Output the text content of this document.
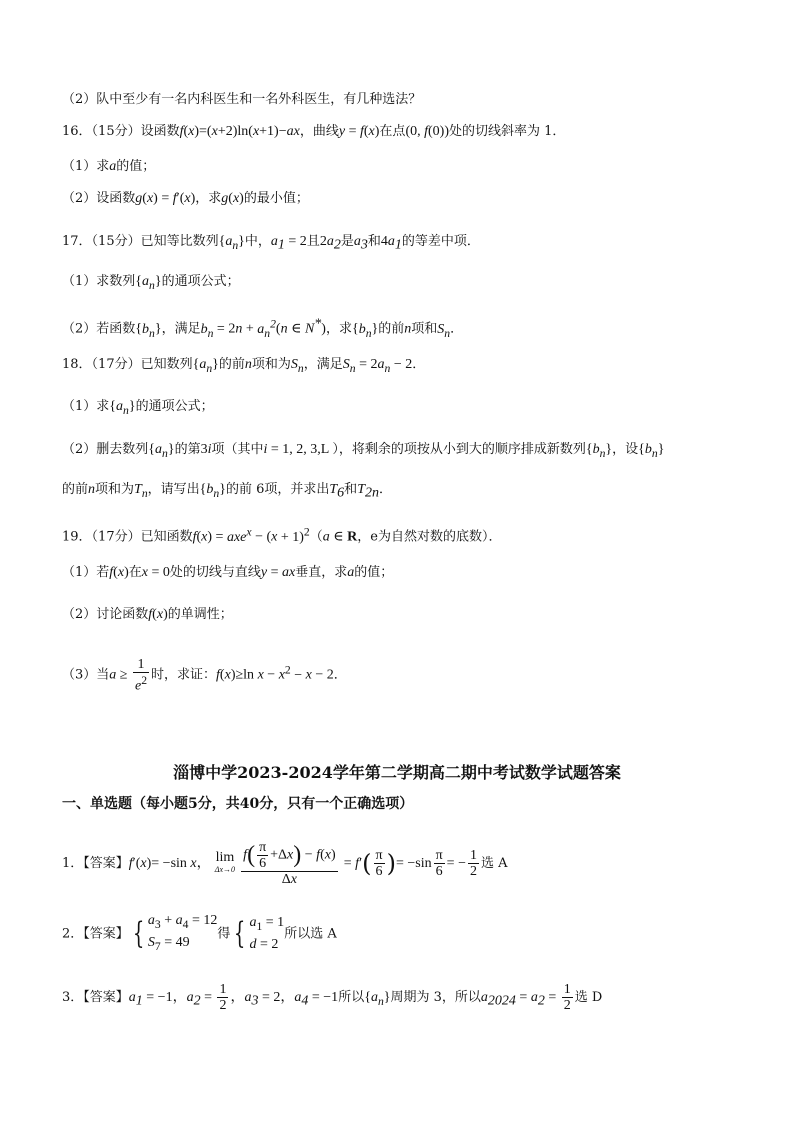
（2）队中至少有一名内科医生和一名外科医生，有几种选法？
16．（15分）设函数f(x)=(x+2)ln(x+1)−ax，曲线y = f(x)在点(0, f(0))处的切线斜率为 1．
（1）求a的值；
（2）设函数g(x) = f′(x)，求g(x)的最小值；
17．（15分）已知等比数列$\{a_n\}$中，$a_1 = 2$且$2a_2$是$a_3$和$4a_1$的等差中项．
（1）求数列$\{a_n\}$的通项公式；
（2）若函数$\{b_n\}$，满足$b_n = 2n + a_n^2(n$ ∈ N*)，求$\{b_n\}$的前n项和$S_n$．
18．（17分）已知数列$\{a_n\}$的前n项和为$S_n$，满足$S_n = 2a_n - 2$．
（1）求$\{a_n\}$的通项公式；
（2）删去数列$\{a_n\}$的第3i项（其中i = 1, 2, 3,L ），将剩余的项按从小到大的顺序排成新数列$\{b_n\}$，设$\{b_n\}$
的前n项和为$T_n$，请写出$\{b_n\}$的前 6项，并求出$T_6$和$T_{2n}$．
19．（17分）已知函数$f(x) = axe^x - (x + 1)^2(a$ ∈ R，e为自然对数的底数）．
（1）若f(x)在x = 0处的切线与直线y = ax垂直，求a的值；
（2）讨论函数f(x)的单调性；
（3）当$a \ge \frac{1}{e^2}$ 时，求证：f(x)≥ln $x - x^2 - x - 2$．
淄博中学2023-2024学年第二学期高二期中考试数学试题答案
一、单选题（每小题5分，共40分，只有一个正确选项）
1．【答案】f′(x)= −sin x， lim
Δx→0
$\frac{f( \frac{\pi}{6} +\Delta x) - f(x)}{\Delta x} = f'( \frac{\pi}{6}$ )= $-\sin \frac{\pi}{6}$ = − $\frac{1}{2}$ 选 A
2．【答案】 { $a_3 + a_4 = 12$
$S_7 = 49$
得 { $a_1 = 1$
d = 2
所以选 A
3．【答案】$a_1 = -1$，$a_2 = \frac{1}{2}$ ，$a_3 = 2$，$a_4 = -1$所以$\{a_n\}$周期为 3，所以$a_{2024} = a_2 = \frac{1}{2}$ 选 D
